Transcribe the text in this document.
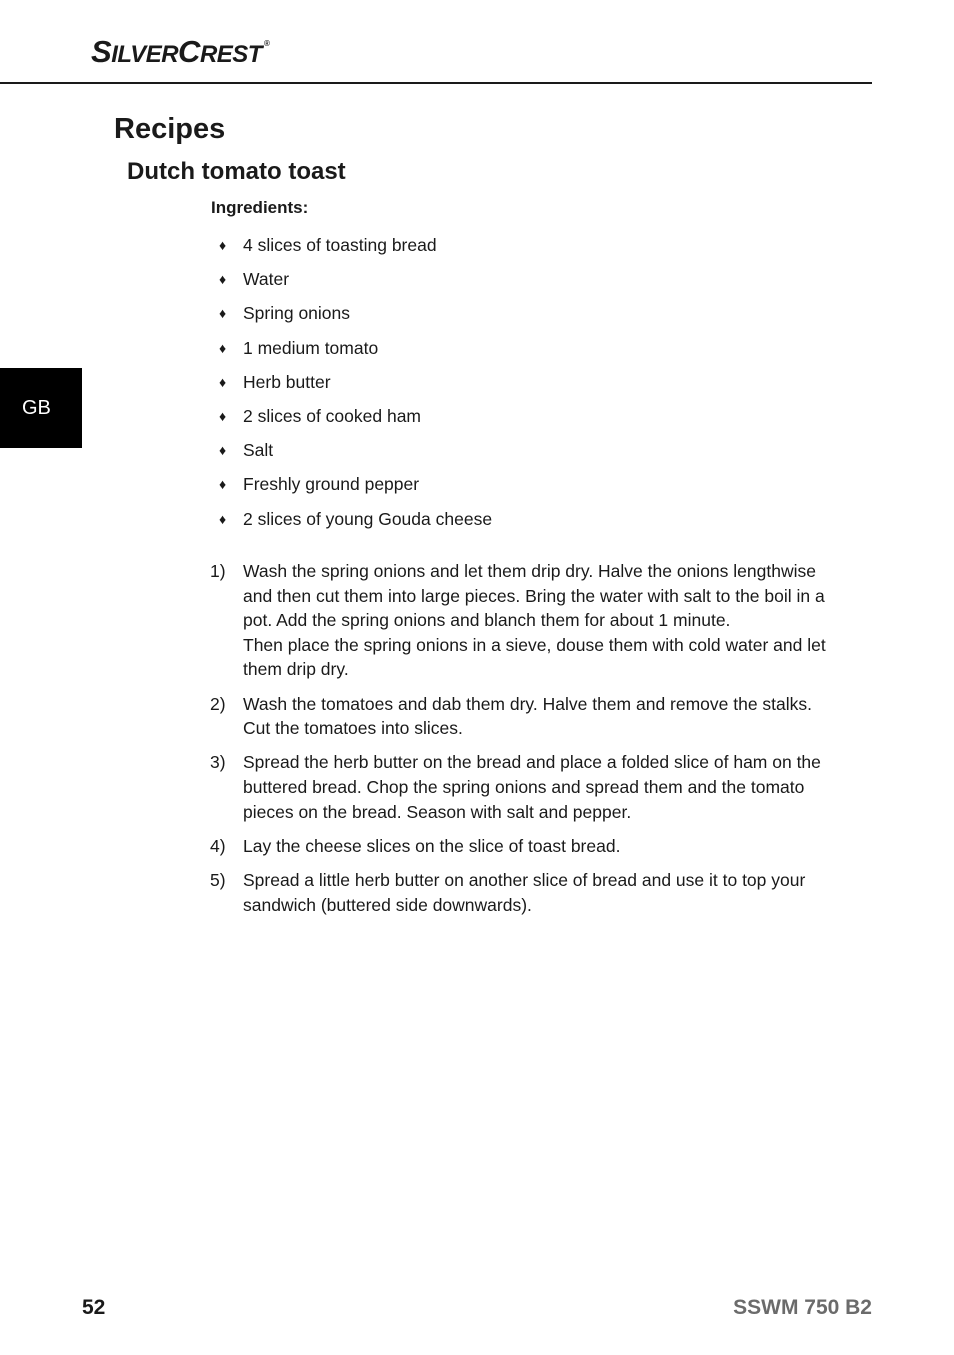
SILVERCREST ®
GB
Recipes
Dutch tomato toast
Ingredients:
♦ 4 slices of toasting bread
♦ Water
♦ Spring onions
♦ 1 medium tomato
♦ Herb butter
♦ 2 slices of cooked ham
♦ Salt
♦ Freshly ground pepper
♦ 2 slices of young Gouda cheese
1) Wash the spring onions and let them drip dry. Halve the onions lengthwise and then cut them into large pieces. Bring the water with salt to the boil in a pot. Add the spring onions and blanch them for about 1 minute.
Then place the spring onions in a sieve, douse them with cold water and let them drip dry.
2) Wash the tomatoes and dab them dry. Halve them and remove the stalks. Cut the tomatoes into slices.
3) Spread the herb butter on the bread and place a folded slice of ham on the buttered bread. Chop the spring onions and spread them and the tomato pieces on the bread. Season with salt and pepper.
4) Lay the cheese slices on the slice of toast bread.
5) Spread a little herb butter on another slice of bread and use it to top your sandwich (buttered side downwards).
52	SSWM 750 B2
